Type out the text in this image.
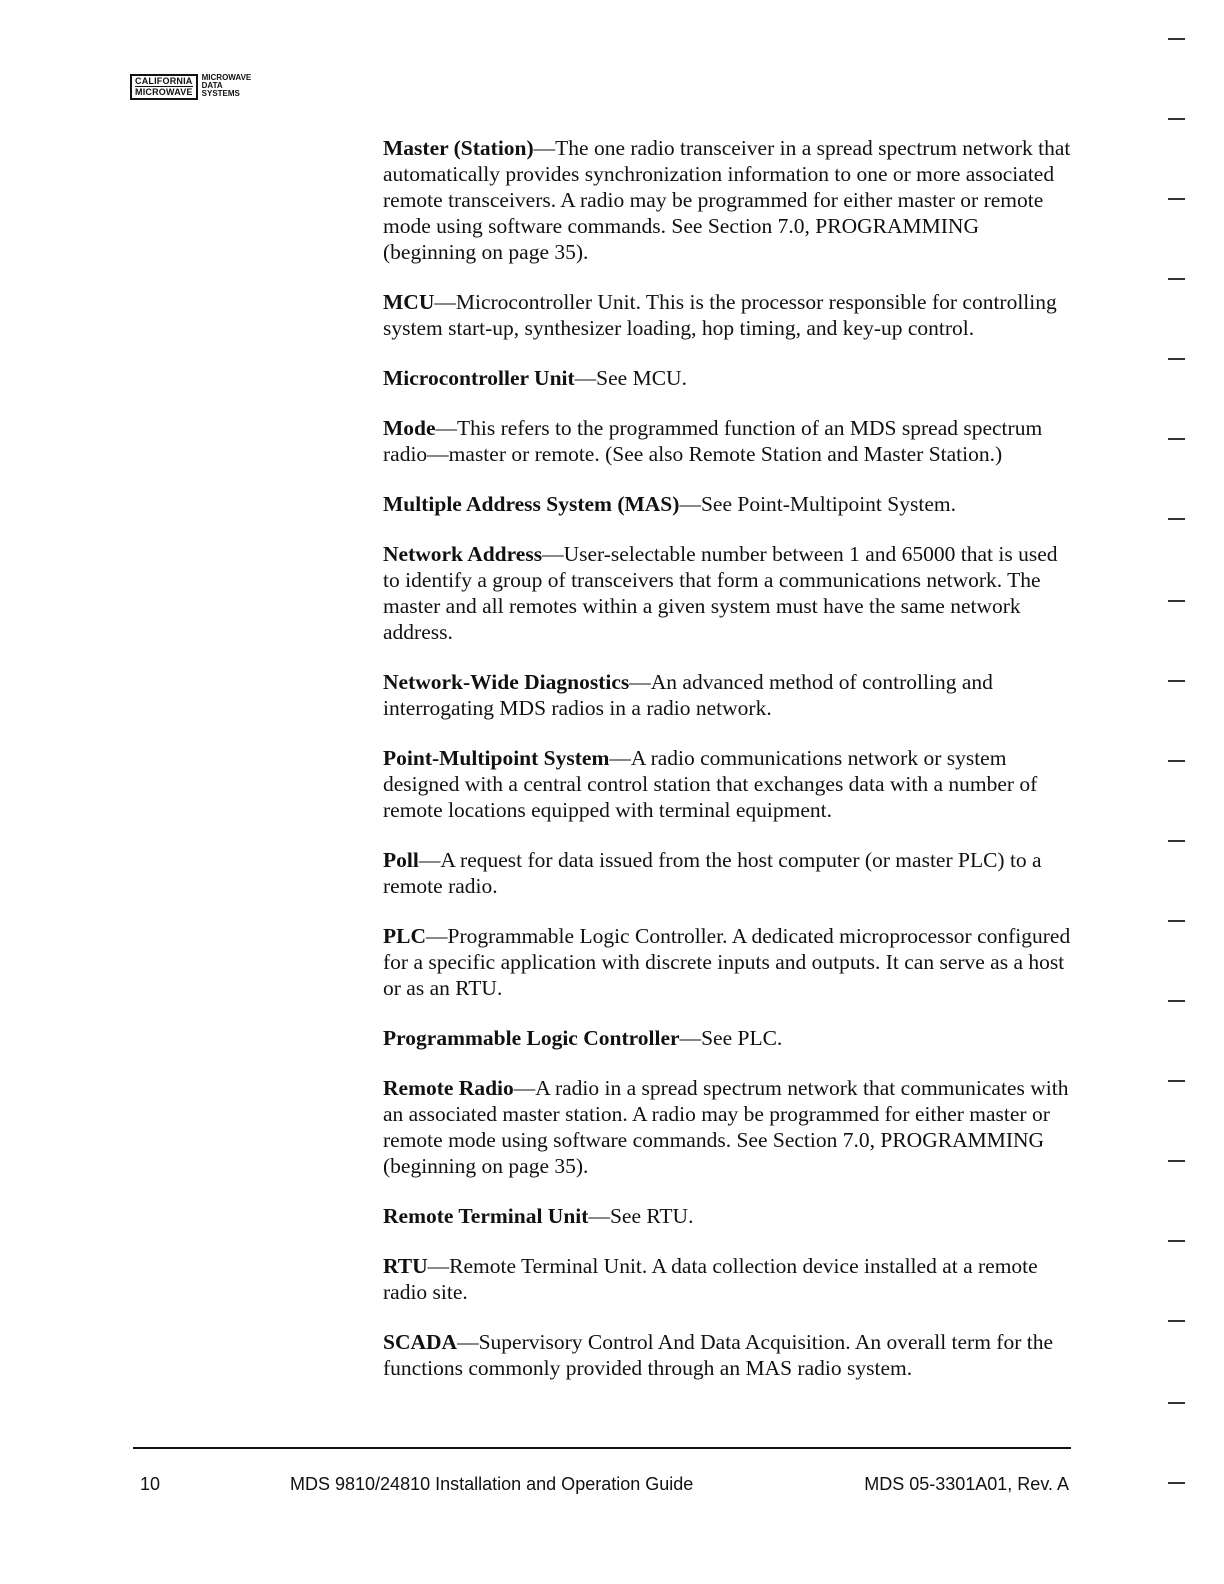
CALIFORNIA
MICROWAVE
MICROWAVE
DATA
SYSTEMS

Master (Station)—The one radio transceiver in a spread spectrum network that automatically provides synchronization information to one or more associated remote transceivers. A radio may be programmed for either master or remote mode using software commands. See Section 7.0, PROGRAMMING (beginning on page 35).

MCU—Microcontroller Unit. This is the processor responsible for controlling system start-up, synthesizer loading, hop timing, and key-up control.

Microcontroller Unit—See MCU.

Mode—This refers to the programmed function of an MDS spread spectrum radio—master or remote. (See also Remote Station and Master Station.)

Multiple Address System (MAS)—See Point-Multipoint System.

Network Address—User-selectable number between 1 and 65000 that is used to identify a group of transceivers that form a communications network. The master and all remotes within a given system must have the same network address.

Network-Wide Diagnostics—An advanced method of controlling and interrogating MDS radios in a radio network.

Point-Multipoint System—A radio communications network or system designed with a central control station that exchanges data with a number of remote locations equipped with terminal equipment.

Poll—A request for data issued from the host computer (or master PLC) to a remote radio.

PLC—Programmable Logic Controller. A dedicated microprocessor configured for a specific application with discrete inputs and outputs. It can serve as a host or as an RTU.

Programmable Logic Controller—See PLC.

Remote Radio—A radio in a spread spectrum network that communicates with an associated master station. A radio may be programmed for either master or remote mode using software commands. See Section 7.0, PROGRAMMING (beginning on page 35).

Remote Terminal Unit—See RTU.

RTU—Remote Terminal Unit. A data collection device installed at a remote radio site.

SCADA—Supervisory Control And Data Acquisition. An overall term for the functions commonly provided through an MAS radio system.

10	MDS 9810/24810 Installation and Operation Guide	MDS 05-3301A01, Rev. A
